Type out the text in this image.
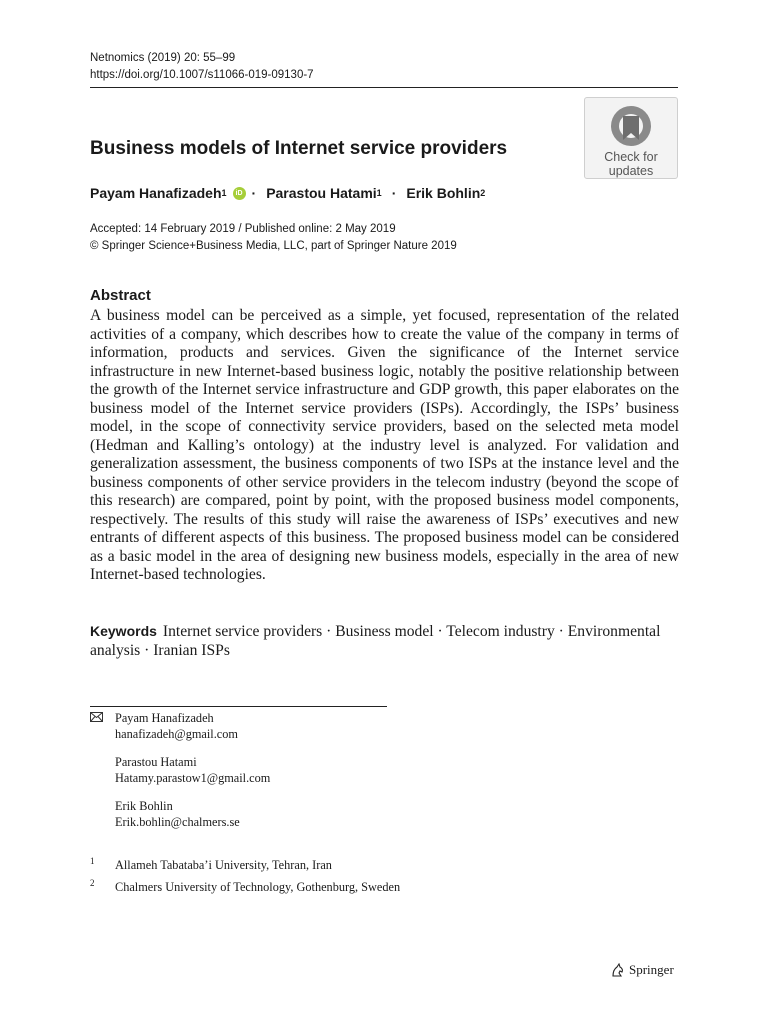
Netnomics (2019) 20: 55–99
https://doi.org/10.1007/s11066-019-09130-7
Check for
updates
Business models of Internet service providers
Payam Hanafizadeh 1	iD · Parastou Hatami 1 · Erik Bohlin 2
Accepted: 14 February 2019 / Published online: 2 May 2019
© Springer Science+Business Media, LLC, part of Springer Nature 2019
Abstract

A business model can be perceived as a simple, yet focused, representation of the related activities of a company, which describes how to create the value of the company in terms of information, products and services. Given the significance of the Internet service infrastructure in new Internet-based business logic, notably the positive relationship between the growth of the Internet service infrastructure and GDP growth, this paper elaborates on the business model of the Internet service providers (ISPs). Accordingly, the ISPs’ business model, in the scope of connectivity service providers, based on the selected meta model (Hedman and Kalling’s ontology) at the industry level is analyzed. For validation and generalization assessment, the business components of two ISPs at the instance level and the business components of other service providers in the telecom industry (beyond the scope of this research) are compared, point by point, with the proposed business model components, respectively. The results of this study will raise the awareness of ISPs’ executives and new entrants of different aspects of this business. The proposed business model can be considered as a basic model in the area of designing new business models, especially in the area of new Internet-based technologies.

Keywords Internet service providers · Business model · Telecom industry · Environmental analysis · Iranian ISPs
Payam Hanafizadeh
hanafizadeh@gmail.com
Parastou Hatami
Hatamy.parastow1@gmail.com
Erik Bohlin
Erik.bohlin@chalmers.se
1 Allameh Tabataba’i University, Tehran, Iran
2 Chalmers University of Technology, Gothenburg, Sweden
Springer
